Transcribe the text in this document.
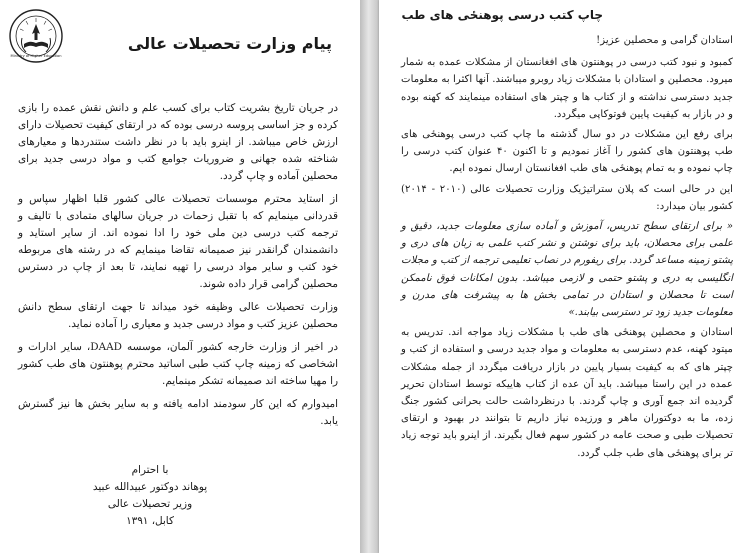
Ministry of Higher Education
پیام وزارت تحصیلات عالی

در جریان تاریخ بشریت کتاب برای کسب علم و دانش نقش عمده را بازی کرده و جز اساسی پروسه درسی بوده که در ارتقای کیفیت تحصیلات دارای ارزش خاص میباشد. از اینرو باید با در نظر داشت ستندردها و معیارهای شناخته شده جهانی و ضروریات جوامع کتب و مواد درسی جدید برای محصلین آماده و چاپ گردد.

از استاید محترم موسسات تحصیلات عالی کشور قلبا اظهار سپاس و قدردانی مینمایم که با تقبل زحمات در جریان سالهای متمادی با تالیف و ترجمه کتب درسی دین ملی خود را ادا نموده اند. از سایر استاید و دانشمندان گرانقدر نیز صمیمانه تقاضا مینمایم که در رشته های مربوطه خود کتب و سایر مواد درسی را تهیه نمایند، تا بعد از چاپ در دسترس محصلین گرامی قرار داده شوند.

وزارت تحصیلات عالی وظیفه خود میداند تا جهت ارتقای سطح دانش محصلین عزیز کتب و مواد درسی جدید و معیاری را آماده نماید.

در اخیر از وزارت خارجه کشور آلمان، موسسه DAAD، سایر ادارات و اشخاصی که زمینه چاپ کتب طبی اساتید محترم پوهنتون های طب کشور را مهیا ساخته اند صمیمانه تشکر مینمایم.

امیدوارم که این کار سودمند ادامه یافته و به سایر بخش ها نیز گسترش یابد.

با احترام
پوهاند دوکتور عبیدالله عبید
وزیر تحصیلات عالی
کابل، ۱۳۹۱
چاپ کتب درسی پوهنځی های طب

استادان گرامی و محصلین عزیز!

کمبود و نبود کتب درسی در پوهنتون های افغانستان از مشکلات عمده به شمار میرود. محصلین و استادان با مشکلات زیاد روبرو میباشند. آنها اکثرا به معلومات جدید دسترسی نداشته و از کتاب ها و چپتر های استفاده مینمایند که کهنه بوده و در بازار به کیفیت پایین فوتوکاپی میگردد.

برای رفع این مشکلات در دو سال گذشته ما چاپ کتب درسی پوهنځی های طب پوهنتون های کشور را آغاز نمودیم و تا اکنون ۴۰ عنوان کتب درسی را چاپ نموده و به تمام پوهنځی های طب افغانستان ارسال نموده ایم.

این در حالی است که پلان ستراتیژیک وزارت تحصیلات عالی (۲۰۱۰ - ۲۰۱۴) کشور بیان میدارد:

« برای ارتقای سطح تدریس، آموزش و آماده سازی معلومات جدید، دقیق و علمی برای محصلان، باید برای نوشتن و نشر کتب علمی به زبان های دری و پشتو زمینه مساعد گردد. برای ریفورم در نصاب تعلیمی ترجمه از کتب و مجلات انگلیسی به دری و پشتو حتمی و لازمی میباشد. بدون امکانات فوق ناممکن است تا محصلان و استادان در تمامی بخش ها به پیشرفت های مدرن و معلومات جدید زود تر دسترسی بیابند.»

استادان و محصلین پوهنځی های طب با مشکلات زیاد مواجه اند. تدریس به میتود کهنه، عدم دسترسی به معلومات و مواد جدید درسی و استفاده از کتب و چپتر های که به کیفیت بسیار پایین در بازار دریافت میگردد از جمله مشکلات عمده در این راستا میباشد. باید آن عده از کتاب هاییکه توسط استادان تحریر گردیده اند جمع آوری و چاپ گردند. با درنظرداشت حالت بحرانی کشور جنگ زده، ما به دوکتوران ماهر و ورزیده نیاز داریم تا بتوانند در بهبود و ارتقای تحصیلات طبی و صحت عامه در کشور سهم فعال بگیرند. از اینرو باید توجه زیاد تر برای پوهنځی های طب جلب گردد.
